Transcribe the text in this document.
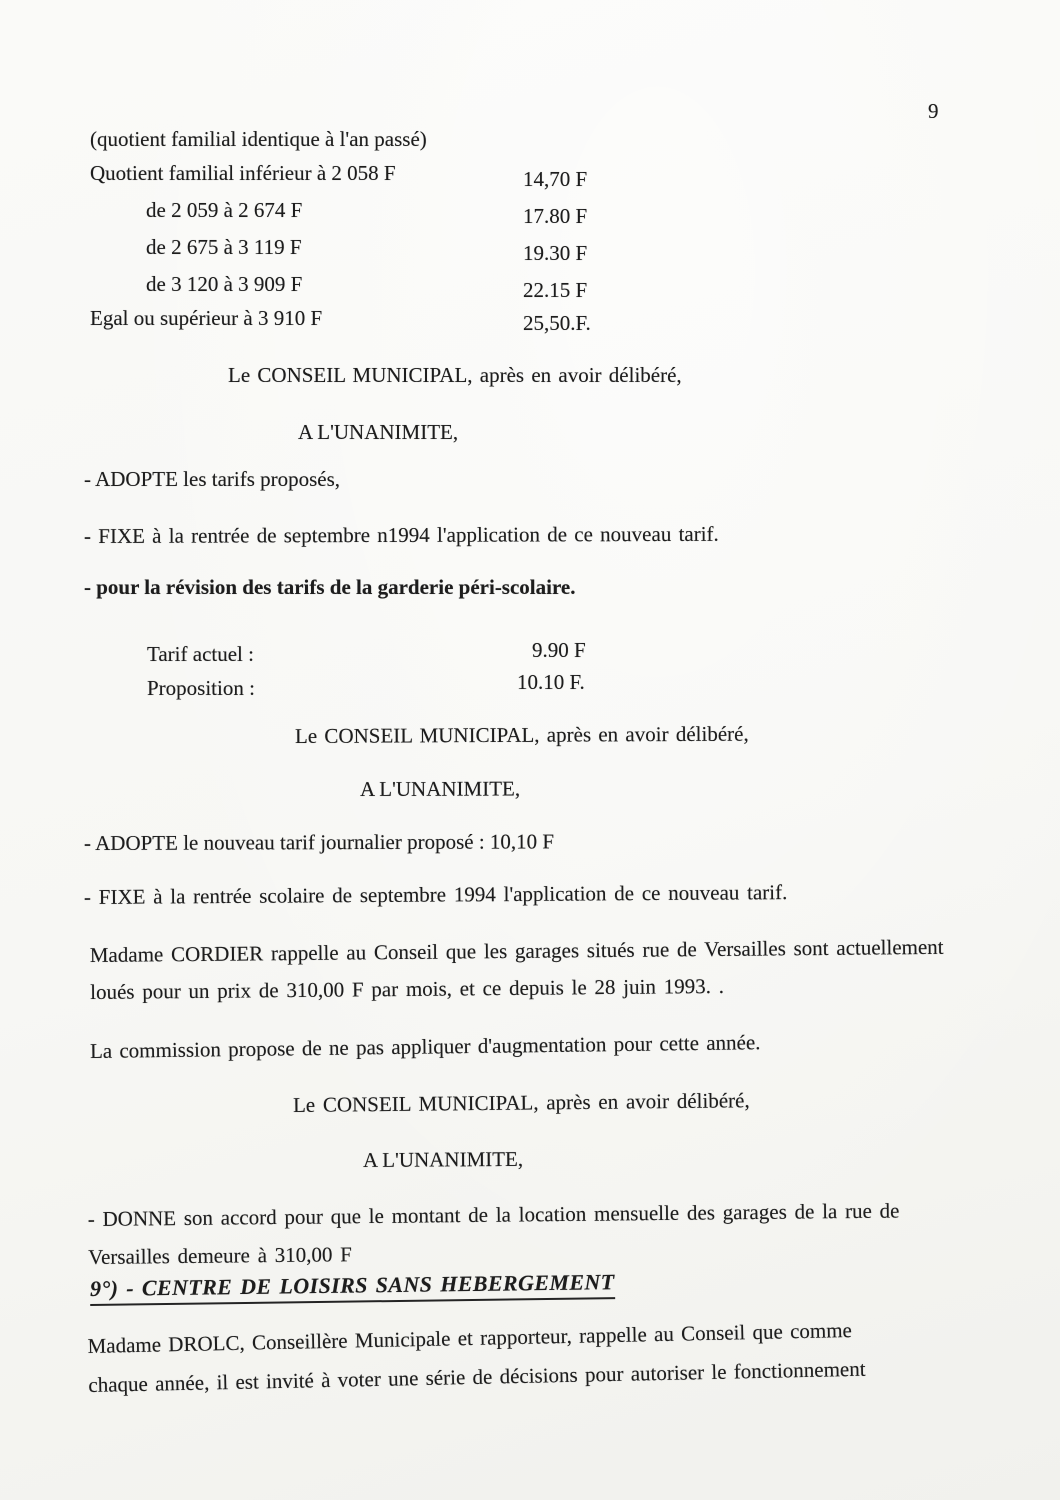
9
(quotient familial identique à l'an passé)
Quotient familial inférieur à 2 058 F	14,70 F
de 2 059 à 2 674 F	17.80 F
de 2 675 à 3 119 F	19.30 F
de 3 120 à 3 909 F	22.15 F
Egal ou supérieur à 3 910 F	25,50.F.
Le CONSEIL MUNICIPAL, après en avoir délibéré,
A L'UNANIMITE,
- ADOPTE les tarifs proposés,
- FIXE à la rentrée de septembre n1994 l'application de ce nouveau tarif.
- pour la révision des tarifs de la garderie péri-scolaire.
Tarif actuel :	9.90 F
Proposition :	10.10 F.
Le CONSEIL MUNICIPAL, après en avoir délibéré,
A L'UNANIMITE,
- ADOPTE le nouveau tarif journalier proposé : 10,10 F
- FIXE à la rentrée scolaire de septembre 1994 l'application de ce nouveau tarif.
Madame CORDIER rappelle au Conseil que les garages situés rue de Versailles sont actuellement
loués pour un prix de 310,00 F par mois, et ce depuis le 28 juin 1993. .
La commission propose de ne pas appliquer d'augmentation pour cette année.
Le CONSEIL MUNICIPAL, après en avoir délibéré,
A L'UNANIMITE,
- DONNE son accord pour que le montant de la location mensuelle des garages de la rue de
Versailles demeure à 310,00 F
9°) - CENTRE DE LOISIRS SANS HEBERGEMENT
Madame DROLC, Conseillère Municipale et rapporteur, rappelle au Conseil que comme
chaque année, il est invité à voter une série de décisions pour autoriser le fonctionnement
